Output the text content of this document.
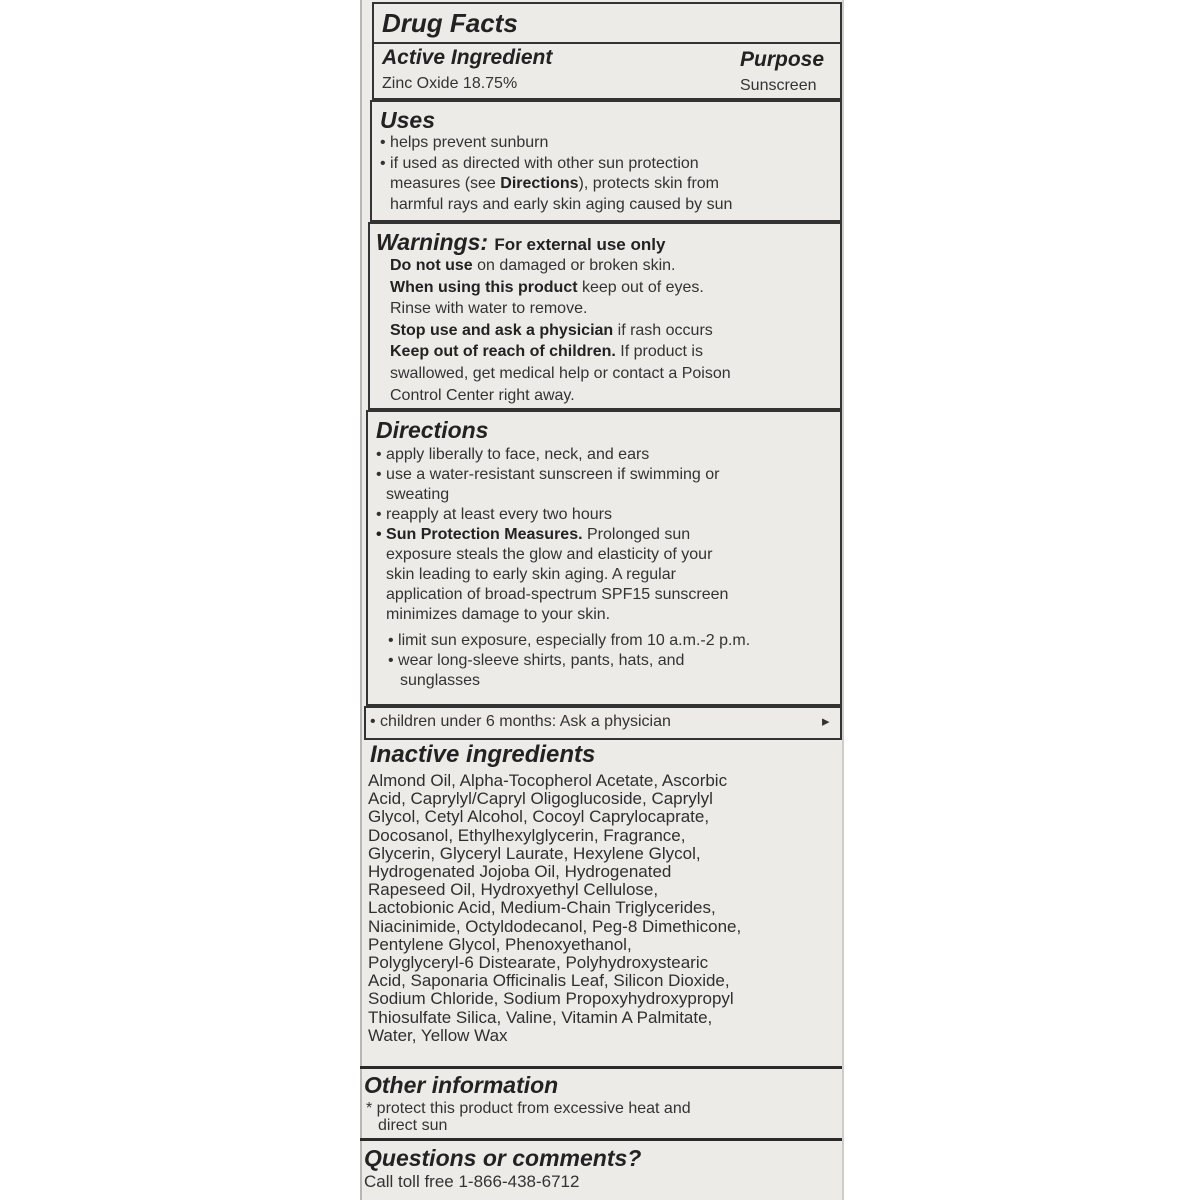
Drug Facts
Active Ingredient	Purpose
Zinc Oxide 18.75%	Sunscreen
Uses
• helps prevent sunburn
• if used as directed with other sun protection
measures (see Directions), protects skin from
harmful rays and early skin aging caused by sun
Warnings: For external use only
Do not use on damaged or broken skin.
When using this product keep out of eyes.
Rinse with water to remove.
Stop use and ask a physician if rash occurs
Keep out of reach of children. If product is
swallowed, get medical help or contact a Poison
Control Center right away.
Directions
• apply liberally to face, neck, and ears
• use a water-resistant sunscreen if swimming or
sweating
• reapply at least every two hours
• Sun Protection Measures. Prolonged sun
exposure steals the glow and elasticity of your
skin leading to early skin aging. A regular
application of broad-spectrum SPF15 sunscreen
minimizes damage to your skin.
• limit sun exposure, especially from 10 a.m.-2 p.m.
• wear long-sleeve shirts, pants, hats, and
sunglasses
• children under 6 months: Ask a physician	▸
Inactive ingredients
Almond Oil, Alpha-Tocopherol Acetate, Ascorbic
Acid, Caprylyl/Capryl Oligoglucoside, Caprylyl
Glycol, Cetyl Alcohol, Cocoyl Caprylocaprate,
Docosanol, Ethylhexylglycerin, Fragrance,
Glycerin, Glyceryl Laurate, Hexylene Glycol,
Hydrogenated Jojoba Oil, Hydrogenated
Rapeseed Oil, Hydroxyethyl Cellulose,
Lactobionic Acid, Medium-Chain Triglycerides,
Niacinimide, Octyldodecanol, Peg-8 Dimethicone,
Pentylene Glycol, Phenoxyethanol,
Polyglyceryl-6 Distearate, Polyhydroxystearic
Acid, Saponaria Officinalis Leaf, Silicon Dioxide,
Sodium Chloride, Sodium Propoxyhydroxypropyl
Thiosulfate Silica, Valine, Vitamin A Palmitate,
Water, Yellow Wax
Other information
* protect this product from excessive heat and
direct sun
Questions or comments?
Call toll free 1-866-438-6712
